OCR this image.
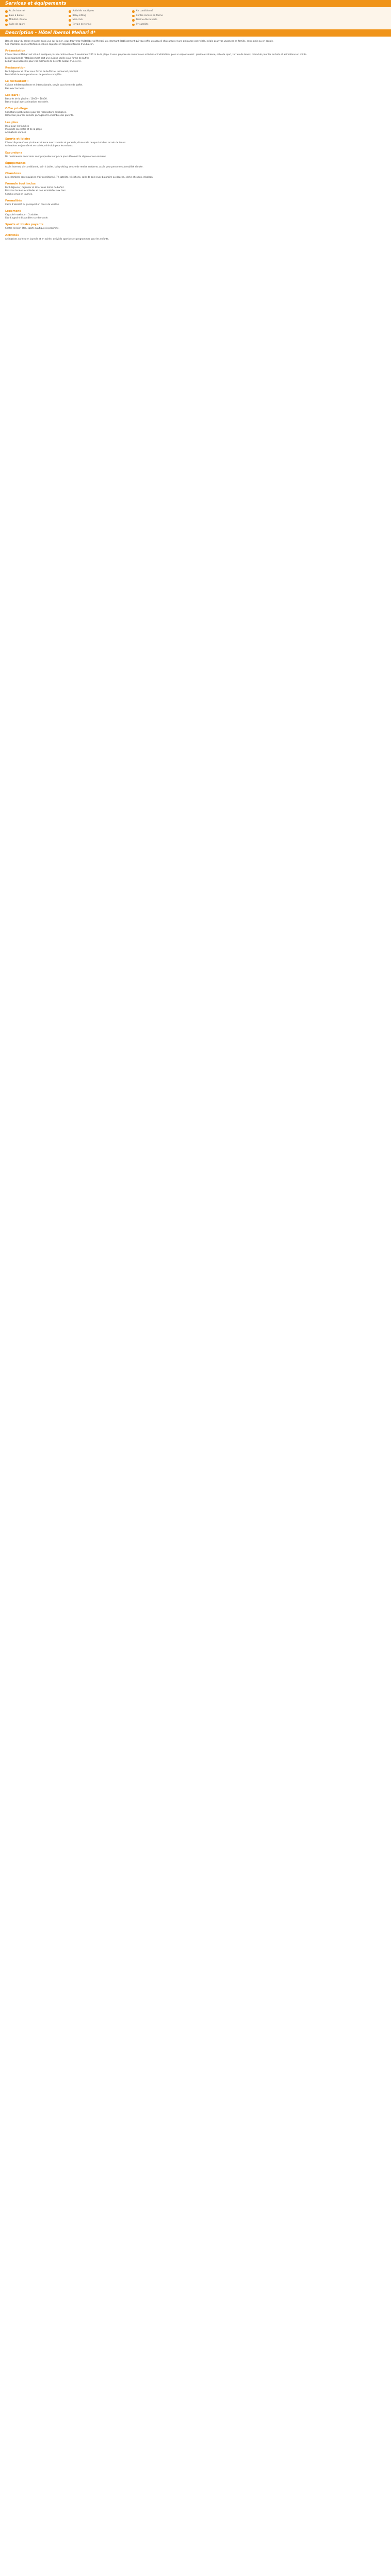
Services et équipements
Accès Internet	Activités nautiques	Air conditionné
Bain à bulles	Baby-sitting	Centre remise en forme
Mobilité réduite	Mini-club	Piscine découverte
Salle de sport	Terrain de tennis	Tv satellite
Description - Hôtel Ibersol Mehari 4*

Dans le cœur du centre et ayant aussi vue sur la mer, vous trouverez l'hôtel Ibersol Mehari, un charmant établissement qui vous offre un accueil chaleureux et une ambiance conviviale, idéale pour vos vacances en famille, entre amis ou en couple.
Ses chambres sont confortables et bien équipées et disposent toutes d'un balcon.

Présentation

L'hôtel Ibersol Mehari est situé à quelques pas du centre-ville et à seulement 200 m de la plage. Il vous propose de nombreuses activités et installations pour un séjour réussi : piscine extérieure, salle de sport, terrain de tennis, mini-club pour les enfants et animations en soirée.
Le restaurant de l'établissement sert une cuisine variée sous forme de buffet.
Le bar vous accueille pour vos moments de détente autour d'un verre.

Restauration

Petit-déjeuner et dîner sous forme de buffet au restaurant principal.
Possibilité de demi-pension ou de pension complète.

Le restaurant :

Cuisine méditerranéenne et internationale, servie sous forme de buffet.
Bar avec terrasse.

Les bars :

Bar près de la piscine : 10h00 – 18h00.
Bar principal avec animations en soirée.

Offre privilège

Conditions particulières pour les réservations anticipées.
Réduction pour les enfants partageant la chambre des parents.

Les plus

Idéal pour les familles
Proximité du centre et de la plage
Animations variées

Sports et loisirs

L'hôtel dispose d'une piscine extérieure avec transats et parasols, d'une salle de sport et d'un terrain de tennis.
Animations en journée et en soirée, mini-club pour les enfants.

Excursions

De nombreuses excursions sont proposées sur place pour découvrir la région et ses environs.

Équipements

Accès Internet, air conditionné, bain à bulles, baby-sitting, centre de remise en forme, accès pour personnes à mobilité réduite.

Chambres

Les chambres sont équipées d'air conditionné, TV satellite, téléphone, salle de bain avec baignoire ou douche, sèche-cheveux et balcon.

Formule tout inclus

Petit-déjeuner, déjeuner et dîner sous forme de buffet.
Boissons locales alcoolisées et non alcoolisées aux bars.
Snacks servis en journée.

Formalités

Carte d'identité ou passeport en cours de validité.

Logement

Capacité maximum : 3 adultes.
Lits d'appoint disponibles sur demande.

Sports et loisirs payants

Centre de bien-être, sports nautiques à proximité.

Activités

Animations variées en journée et en soirée, activités sportives et programmes pour les enfants.
